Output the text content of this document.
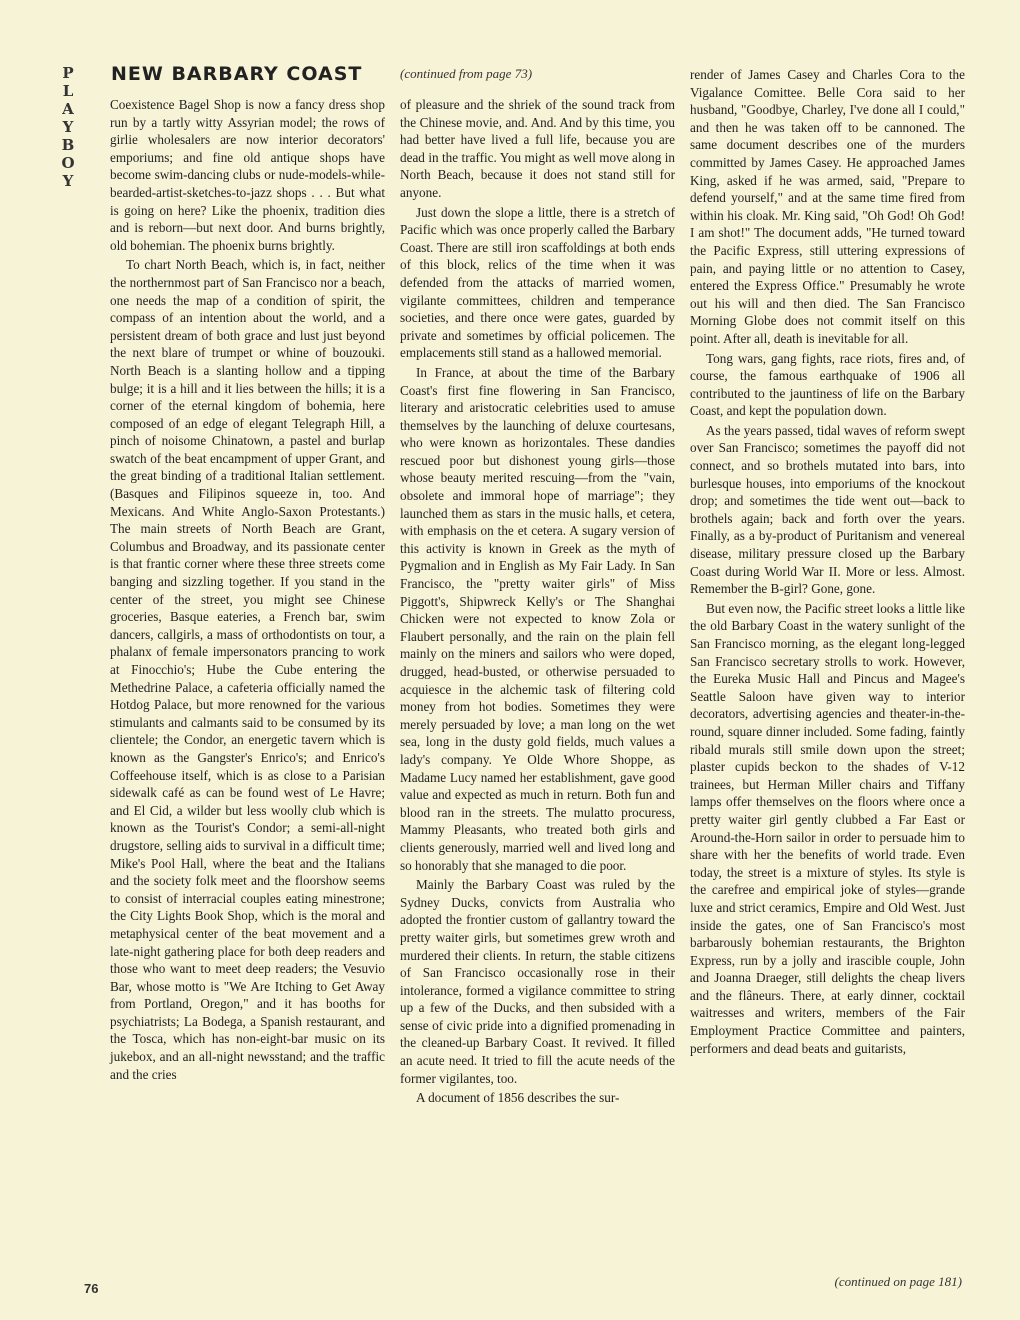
P
L
A
Y
B
O
Y
NEW BARBARY COAST	(continued from page 73)

Coexistence Bagel Shop is now a fancy dress shop run by a tartly witty Assyrian model; the rows of girlie wholesalers are now interior decorators' emporiums; and fine old antique shops have become swim-dancing clubs or nude-models-while-bearded-artist-sketches-to-jazz shops . . . But what is going on here? Like the phoenix, tradition dies and is reborn—but next door. And burns brightly, old bohemian. The phoenix burns brightly.

To chart North Beach, which is, in fact, neither the northernmost part of San Francisco nor a beach, one needs the map of a condition of spirit, the compass of an intention about the world, and a persistent dream of both grace and lust just beyond the next blare of trumpet or whine of bouzouki. North Beach is a slanting hollow and a tipping bulge; it is a hill and it lies between the hills; it is a corner of the eternal kingdom of bohemia, here composed of an edge of elegant Telegraph Hill, a pinch of noisome Chinatown, a pastel and burlap swatch of the beat encampment of upper Grant, and the great binding of a traditional Italian settlement. (Basques and Filipinos squeeze in, too. And Mexicans. And White Anglo-Saxon Protestants.) The main streets of North Beach are Grant, Columbus and Broadway, and its passionate center is that frantic corner where these three streets come banging and sizzling together. If you stand in the center of the street, you might see Chinese groceries, Basque eateries, a French bar, swim dancers, callgirls, a mass of orthodontists on tour, a phalanx of female impersonators prancing to work at Finocchio's; Hube the Cube entering the Methedrine Palace, a cafeteria officially named the Hotdog Palace, but more renowned for the various stimulants and calmants said to be consumed by its clientele; the Condor, an energetic tavern which is known as the Gangster's Enrico's; and Enrico's Coffeehouse itself, which is as close to a Parisian sidewalk café as can be found west of Le Havre; and El Cid, a wilder but less woolly club which is known as the Tourist's Condor; a semi-all-night drugstore, selling aids to survival in a difficult time; Mike's Pool Hall, where the beat and the Italians and the society folk meet and the floorshow seems to consist of interracial couples eating minestrone; the City Lights Book Shop, which is the moral and metaphysical center of the beat movement and a late-night gathering place for both deep readers and those who want to meet deep readers; the Vesuvio Bar, whose motto is "We Are Itching to Get Away from Portland, Oregon," and it has booths for psychiatrists; La Bodega, a Spanish restaurant, and the Tosca, which has non-eight-bar music on its jukebox, and an all-night newsstand; and the traffic and the cries

of pleasure and the shriek of the sound track from the Chinese movie, and. And. And by this time, you had better have lived a full life, because you are dead in the traffic. You might as well move along in North Beach, because it does not stand still for anyone.

Just down the slope a little, there is a stretch of Pacific which was once properly called the Barbary Coast. There are still iron scaffoldings at both ends of this block, relics of the time when it was defended from the attacks of married women, vigilante committees, children and temperance societies, and there once were gates, guarded by private and sometimes by official policemen. The emplacements still stand as a hallowed memorial.

In France, at about the time of the Barbary Coast's first fine flowering in San Francisco, literary and aristocratic celebrities used to amuse themselves by the launching of deluxe courtesans, who were known as horizontales. These dandies rescued poor but dishonest young girls—those whose beauty merited rescuing—from the "vain, obsolete and immoral hope of marriage"; they launched them as stars in the music halls, et cetera, with emphasis on the et cetera. A sugary version of this activity is known in Greek as the myth of Pygmalion and in English as My Fair Lady. In San Francisco, the "pretty waiter girls" of Miss Piggott's, Shipwreck Kelly's or The Shanghai Chicken were not expected to know Zola or Flaubert personally, and the rain on the plain fell mainly on the miners and sailors who were doped, drugged, head-busted, or otherwise persuaded to acquiesce in the alchemic task of filtering cold money from hot bodies. Sometimes they were merely persuaded by love; a man long on the wet sea, long in the dusty gold fields, much values a lady's company. Ye Olde Whore Shoppe, as Madame Lucy named her establishment, gave good value and expected as much in return. Both fun and blood ran in the streets. The mulatto procuress, Mammy Pleasants, who treated both girls and clients generously, married well and lived long and so honorably that she managed to die poor.

Mainly the Barbary Coast was ruled by the Sydney Ducks, convicts from Australia who adopted the frontier custom of gallantry toward the pretty waiter girls, but sometimes grew wroth and murdered their clients. In return, the stable citizens of San Francisco occasionally rose in their intolerance, formed a vigilance committee to string up a few of the Ducks, and then subsided with a sense of civic pride into a dignified promenading in the cleaned-up Barbary Coast. It revived. It filled an acute need. It tried to fill the acute needs of the former vigilantes, too.

A document of 1856 describes the sur-

render of James Casey and Charles Cora to the Vigalance Comittee. Belle Cora said to her husband, "Goodbye, Charley, I've done all I could," and then he was taken off to be cannoned. The same document describes one of the murders committed by James Casey. He approached James King, asked if he was armed, said, "Prepare to defend yourself," and at the same time fired from within his cloak. Mr. King said, "Oh God! Oh God! I am shot!" The document adds, "He turned toward the Pacific Express, still uttering expressions of pain, and paying little or no attention to Casey, entered the Express Office." Presumably he wrote out his will and then died. The San Francisco Morning Globe does not commit itself on this point. After all, death is inevitable for all.

Tong wars, gang fights, race riots, fires and, of course, the famous earthquake of 1906 all contributed to the jauntiness of life on the Barbary Coast, and kept the population down.

As the years passed, tidal waves of reform swept over San Francisco; sometimes the payoff did not connect, and so brothels mutated into bars, into burlesque houses, into emporiums of the knockout drop; and sometimes the tide went out—back to brothels again; back and forth over the years. Finally, as a by-product of Puritanism and venereal disease, military pressure closed up the Barbary Coast during World War II. More or less. Almost. Remember the B-girl? Gone, gone.

But even now, the Pacific street looks a little like the old Barbary Coast in the watery sunlight of the San Francisco morning, as the elegant long-legged San Francisco secretary strolls to work. However, the Eureka Music Hall and Pincus and Magee's Seattle Saloon have given way to interior decorators, advertising agencies and theater-in-the-round, square dinner included. Some fading, faintly ribald murals still smile down upon the street; plaster cupids beckon to the shades of V-12 trainees, but Herman Miller chairs and Tiffany lamps offer themselves on the floors where once a pretty waiter girl gently clubbed a Far East or Around-the-Horn sailor in order to persuade him to share with her the benefits of world trade. Even today, the street is a mixture of styles. Its style is the carefree and empirical joke of styles—grande luxe and strict ceramics, Empire and Old West. Just inside the gates, one of San Francisco's most barbarously bohemian restaurants, the Brighton Express, run by a jolly and irascible couple, John and Joanna Draeger, still delights the cheap livers and the flâneurs. There, at early dinner, cocktail waitresses and writers, members of the Fair Employment Practice Committee and painters, performers and dead beats and guitarists,

(continued on page 181)
76
